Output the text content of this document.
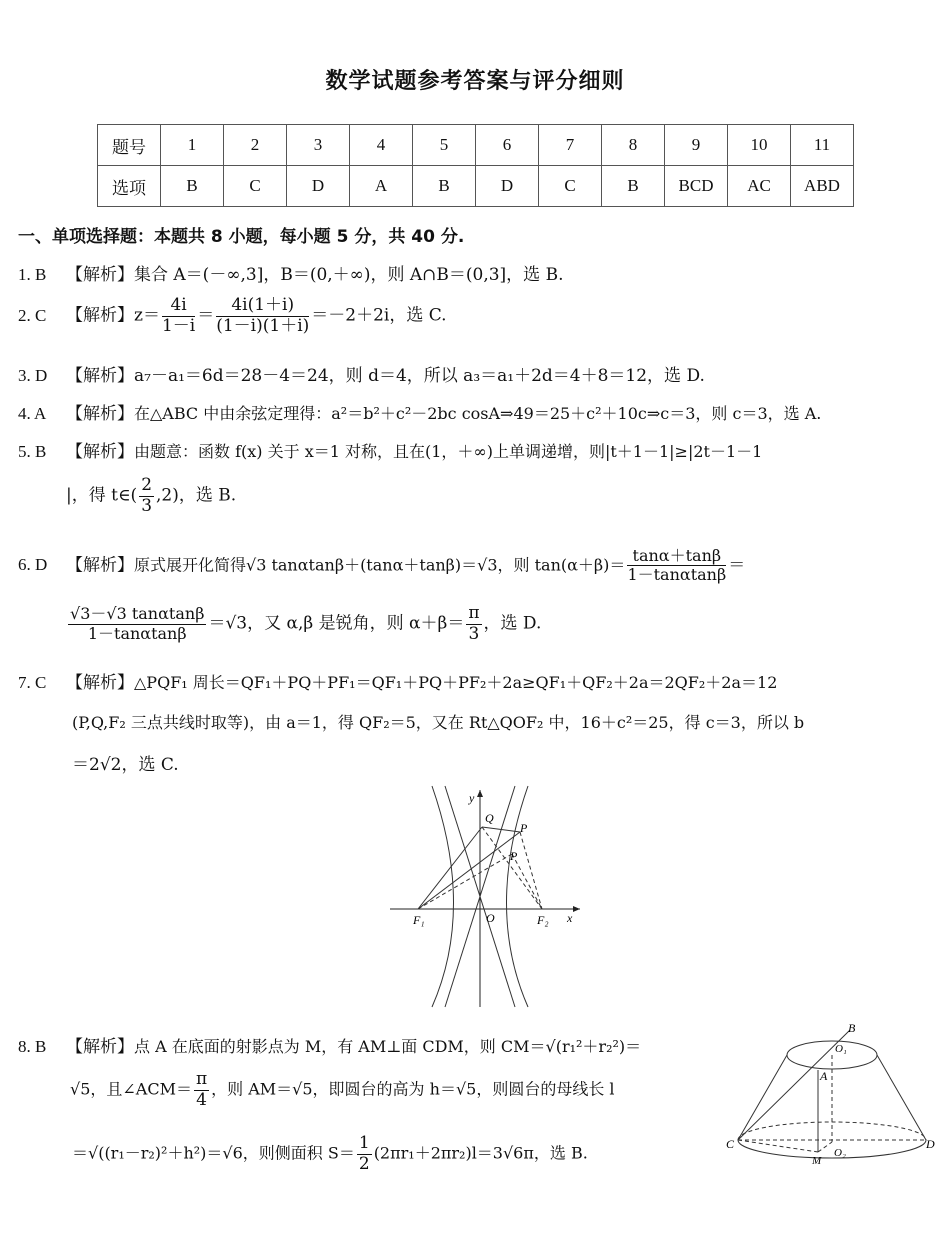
数学试题参考答案与评分细则
题号	1	2	3	4	5	6	7	8	9	10	11
选项	B	C	D	A	B	D	C	B	BCD	AC	ABD
一、单项选择题：本题共 8 小题，每小题 5 分，共 40 分.
1. B 【解析】集合 A＝(－∞,3]，B＝(0,＋∞)，则 A∩B＝(0,3]，选 B.
2. C 【解析】$z= \frac{4i}{1-i} = \frac{4i(1+i)}{(1-i)(1+i)} =-2+2i$，选 C.
3. D 【解析】a₇－a₁＝6d＝28－4＝24，则 d＝4，所以 a₃＝a₁＋2d＝4＋8＝12，选 D.
4. A 【解析】在△ABC 中由余弦定理得：a²＝b²＋c²－2bc cosA⇒49＝25＋c²＋10c⇒c＝3，则 c＝3，选 A.
5. B 【解析】由题意：函数 f(x) 关于 x＝1 对称，且在(1，＋∞)上单调递增，则|t＋1－1|≥|2t－1－1
|，得 t∈( $\frac{2}{3} ,2$)，选 B.
6. D 【解析】原式展开化简得√3 tanαtanβ＋(tanα＋tanβ)＝√3，则 $\tan(\alpha+\beta)= \frac{\tan\alpha+\tan\beta}{1-\tan\alpha\tan\beta}$ ＝
$\frac{√3-√3 \tan\alpha\tan\beta}{1-\tan\alpha\tan\beta} =√3$，又 α,β 是锐角，则 $\alpha+\beta= \frac{\pi}{3}$ ，选 D.
7. C 【解析】△PQF₁ 周长＝QF₁＋PQ＋PF₁＝QF₁＋PQ＋PF₂＋2a≥QF₁＋QF₂＋2a＝2QF₂＋2a＝12
(P,Q,F₂ 三点共线时取等)，由 a＝1，得 QF₂＝5，又在 Rt△QOF₂ 中，16＋c²＝25，得 c＝3，所以 b
＝2√2，选 C.
y
x
Q
P
P
O
F₁	F₂
8. B 【解析】点 A 在底面的射影点为 M，有 AM⊥面 CDM，则 CM＝√(r₁²＋r₂²)＝
√5，且∠ACM＝ $\frac{\pi}{4}$ ，则 AM＝√5，即圆台的高为 h＝√5，则圆台的母线长 l
＝√((r₁－r₂)²＋h²)＝√6，则侧面积 $S= \frac{1}{2} (2\pi r_1+2\pi r_2)l=3√6\pi$，选 B.
B
O₁
A
C	D
O₂
M
